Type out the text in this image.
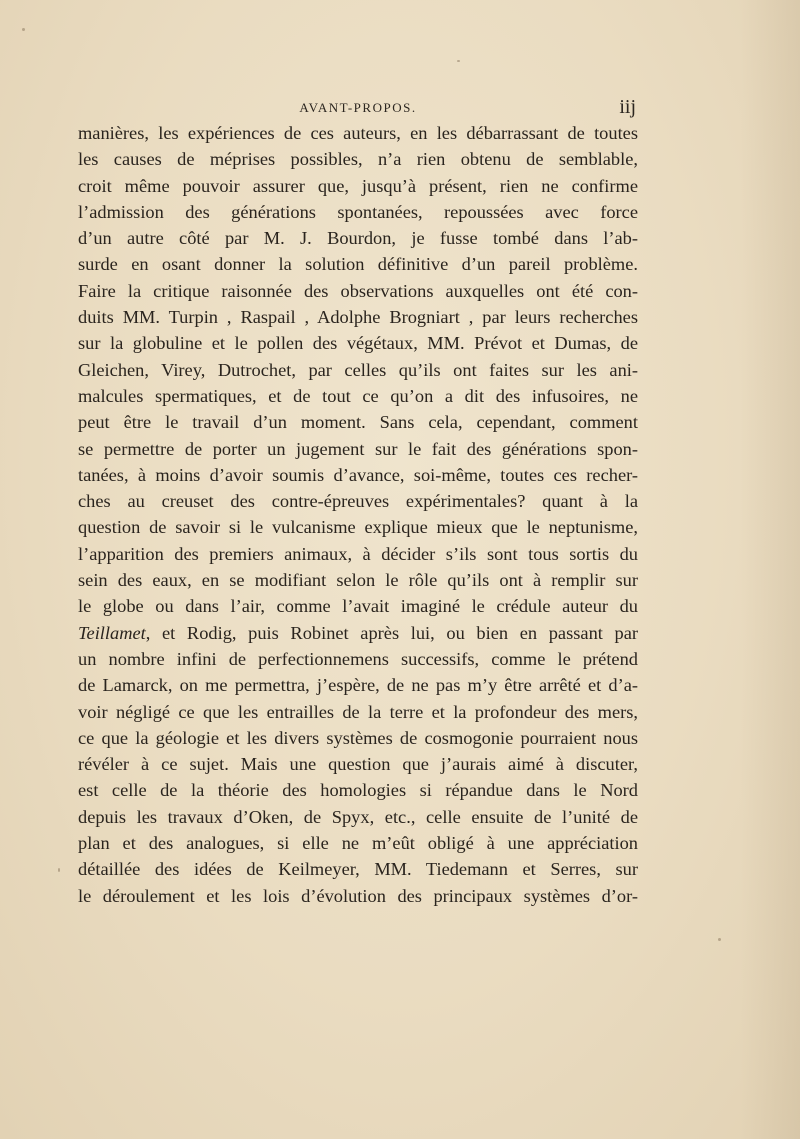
AVANT-PROPOS.	iij
manières, les expériences de ces auteurs, en les débarrassant de toutes
les causes de méprises possibles, n’a rien obtenu de semblable,
croit même pouvoir assurer que, jusqu’à présent, rien ne confirme
l’admission des générations spontanées, repoussées avec force
d’un autre côté par M. J. Bourdon, je fusse tombé dans l’ab-
surde en osant donner la solution définitive d’un pareil problème.
Faire la critique raisonnée des observations auxquelles ont été con-
duits MM. Turpin , Raspail , Adolphe Brogniart , par leurs recherches
sur la globuline et le pollen des végétaux, MM. Prévot et Dumas, de
Gleichen, Virey, Dutrochet, par celles qu’ils ont faites sur les ani-
malcules spermatiques, et de tout ce qu’on a dit des infusoires, ne
peut être le travail d’un moment. Sans cela, cependant, comment
se permettre de porter un jugement sur le fait des générations spon-
tanées, à moins d’avoir soumis d’avance, soi-même, toutes ces recher-
ches au creuset des contre-épreuves expérimentales? quant à la
question de savoir si le vulcanisme explique mieux que le neptunisme,
l’apparition des premiers animaux, à décider s’ils sont tous sortis du
sein des eaux, en se modifiant selon le rôle qu’ils ont à remplir sur
le globe ou dans l’air, comme l’avait imaginé le crédule auteur du
Teillamet, et Rodig, puis Robinet après lui, ou bien en passant par
un nombre infini de perfectionnemens successifs, comme le prétend
de Lamarck, on me permettra, j’espère, de ne pas m’y être arrêté et d’a-
voir négligé ce que les entrailles de la terre et la profondeur des mers,
ce que la géologie et les divers systèmes de cosmogonie pourraient nous
révéler à ce sujet. Mais une question que j’aurais aimé à discuter,
est celle de la théorie des homologies si répandue dans le Nord
depuis les travaux d’Oken, de Spyx, etc., celle ensuite de l’unité de
plan et des analogues, si elle ne m’eût obligé à une appréciation
détaillée des idées de Keilmeyer, MM. Tiedemann et Serres, sur
le déroulement et les lois d’évolution des principaux systèmes d’or-
